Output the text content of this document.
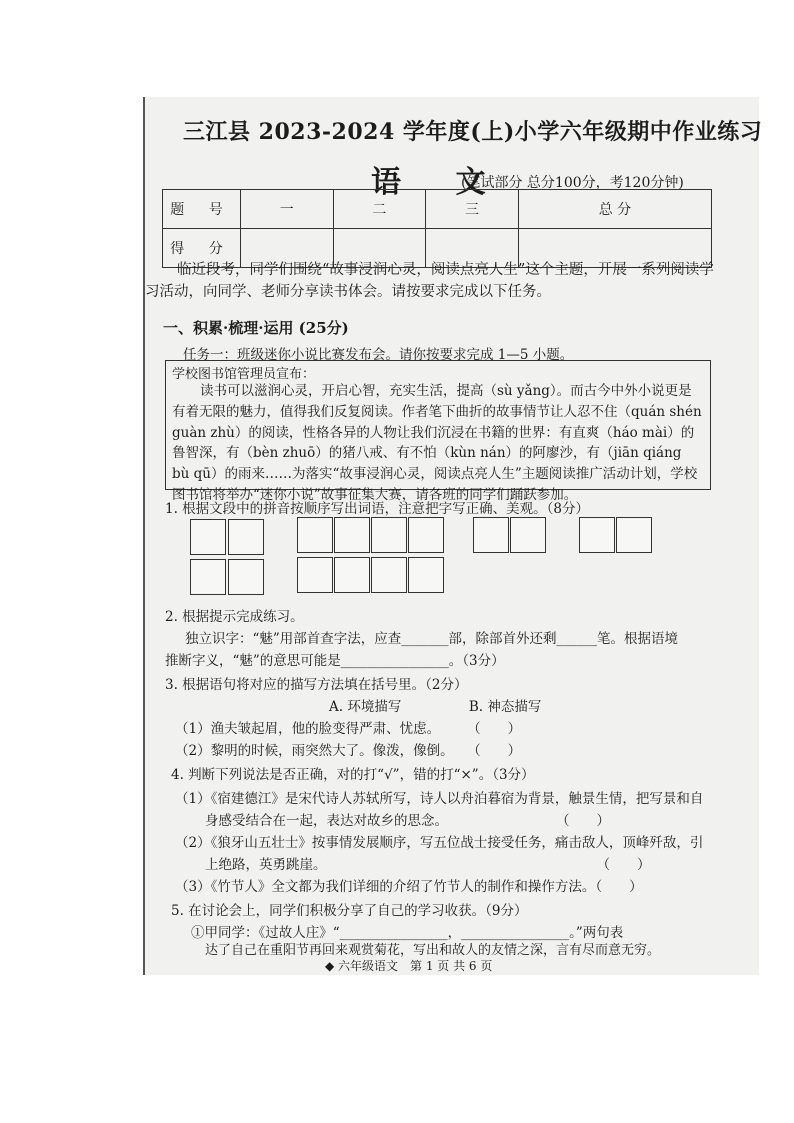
三江县 2023-2024 学年度(上)小学六年级期中作业练习
语 文
(笔试部分 总分100分，考120分钟)
题 号	一	二	三	总 分
得 分				
临近段考，同学们围绕“故事浸润心灵，阅读点亮人生”这个主题，开展一系列阅读学习活动，向同学、老师分享读书体会。请按要求完成以下任务。
一、积累·梳理·运用 (25分)
任务一：班级迷你小说比赛发布会。请你按要求完成 1—5 小题。
学校图书馆管理员宣布：
读书可以滋润心灵，开启心智，充实生活，提高（sù yǎng）。而古今中外小说更是有着无限的魅力，值得我们反复阅读。作者笔下曲折的故事情节让人忍不住（quán shén guàn zhù）的阅读，性格各异的人物让我们沉浸在书籍的世界：有直爽（háo mài）的鲁智深，有（bèn zhuō）的猪八戒、有不怕（kùn nán）的阿廖沙，有（jiān qiáng bù qū）的雨来……为落实“故事浸润心灵，阅读点亮人生”主题阅读推广活动计划，学校图书馆将举办“迷你小说”故事征集大赛，请各班的同学们踊跃参加。
1. 根据文段中的拼音按顺序写出词语，注意把字写正确、美观。（8分）
2. 根据提示完成练习。
独立识字：“魅”用部首查字法，应查_______部，除部首外还剩______笔。根据语境
推断字义，“魅”的意思可能是________________。（3分）
3. 根据语句将对应的描写方法填在括号里。（2分）
A. 环境描写　　　　　B. 神态描写
（1）渔夫皱起眉，他的脸变得严肃、忧虑。　　　（　　）
（2）黎明的时候，雨突然大了。像泼，像倒。　　（　　）
4. 判断下列说法是否正确，对的打“√”，错的打“×”。（3分）
（1）《宿建德江》是宋代诗人苏轼所写，诗人以舟泊暮宿为背景，触景生情，把写景和自
身感受结合在一起，表达对故乡的思念。　　　　　　　　　（　　）
（2）《狼牙山五壮士》按事情发展顺序，写五位战士接受任务，痛击敌人，顶峰歼敌，引
上绝路，英勇跳崖。　　　　　　　　　　　　　　　　　　　　　（　　）
（3）《竹节人》全文都为我们详细的介绍了竹节人的制作和操作方法。（　　）
5. 在讨论会上，同学们积极分享了自己的学习收获。（9分）
①甲同学：《过故人庄》“________________，________________。”两句表
◆ 六年级语文　第 1 页 共 6 页
达了自己在重阳节再回来观赏菊花，写出和故人的友情之深，言有尽而意无穷。
